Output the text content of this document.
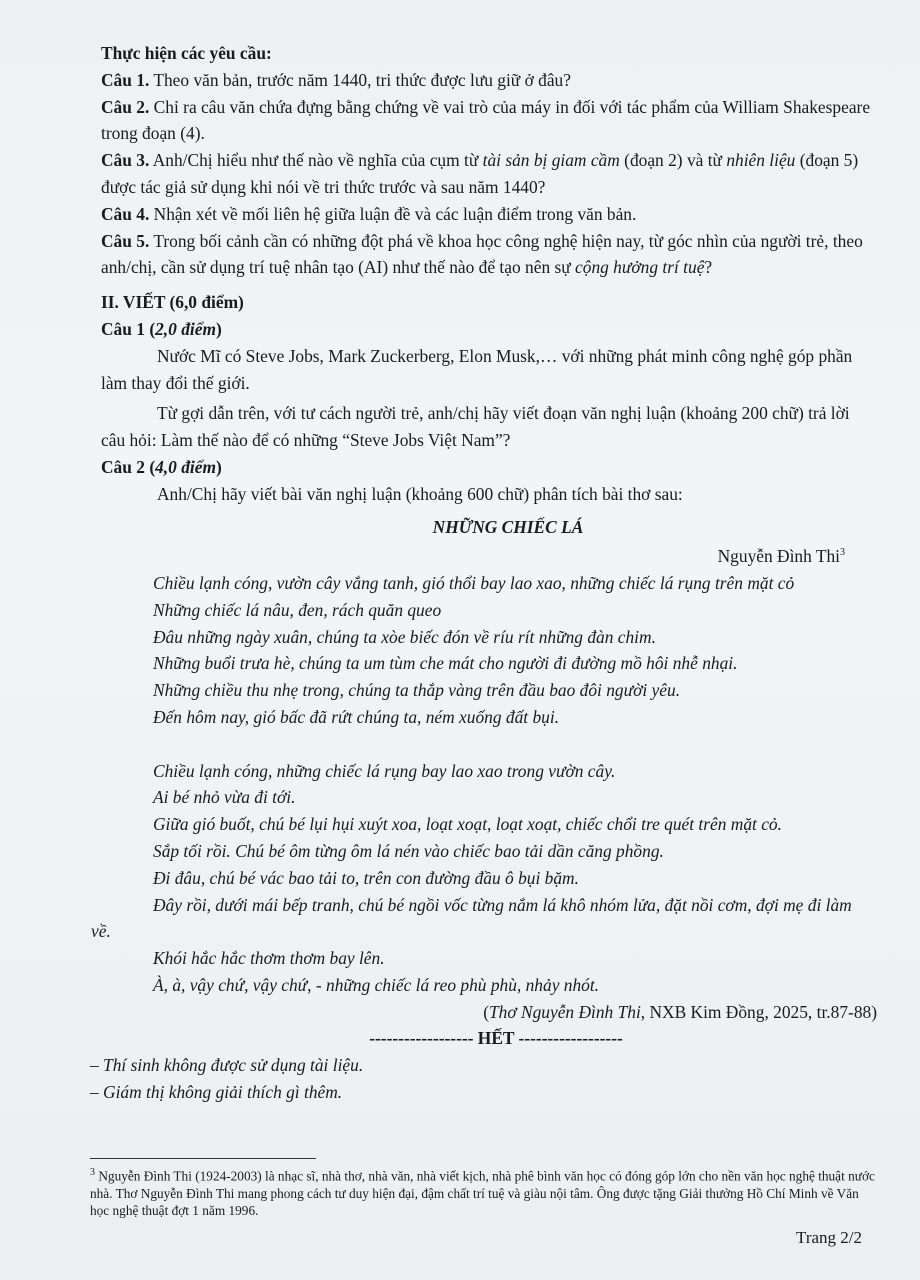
Thực hiện các yêu cầu:

Câu 1. Theo văn bản, trước năm 1440, tri thức được lưu giữ ở đâu?

Câu 2. Chỉ ra câu văn chứa đựng bằng chứng về vai trò của máy in đối với tác phẩm của William Shakespeare trong đoạn (4).

Câu 3. Anh/Chị hiểu như thế nào về nghĩa của cụm từ tài sản bị giam cầm (đoạn 2) và từ nhiên liệu (đoạn 5) được tác giả sử dụng khi nói về tri thức trước và sau năm 1440?

Câu 4. Nhận xét về mối liên hệ giữa luận đề và các luận điểm trong văn bản.

Câu 5. Trong bối cảnh cần có những đột phá về khoa học công nghệ hiện nay, từ góc nhìn của người trẻ, theo anh/chị, cần sử dụng trí tuệ nhân tạo (AI) như thế nào để tạo nên sự cộng hưởng trí tuệ?

II. VIẾT (6,0 điểm)

Câu 1 (2,0 điểm)

Nước Mĩ có Steve Jobs, Mark Zuckerberg, Elon Musk,… với những phát minh công nghệ góp phần làm thay đổi thế giới.

Từ gợi dẫn trên, với tư cách người trẻ, anh/chị hãy viết đoạn văn nghị luận (khoảng 200 chữ) trả lời câu hỏi: Làm thế nào để có những “Steve Jobs Việt Nam”?

Câu 2 (4,0 điểm)

Anh/Chị hãy viết bài văn nghị luận (khoảng 600 chữ) phân tích bài thơ sau:

NHỮNG CHIẾC LÁ

Nguyễn Đình Thi$^3$

Chiều lạnh cóng, vườn cây vắng tanh, gió thổi bay lao xao, những chiếc lá rụng trên mặt cỏ

Những chiếc lá nâu, đen, rách quăn queo

Đâu những ngày xuân, chúng ta xòe biếc đón về ríu rít những đàn chim.

Những buổi trưa hè, chúng ta um tùm che mát cho người đi đường mồ hôi nhễ nhại.

Những chiều thu nhẹ trong, chúng ta thắp vàng trên đầu bao đôi người yêu.

Đến hôm nay, gió bấc đã rứt chúng ta, ném xuống đất bụi.

Chiều lạnh cóng, những chiếc lá rụng bay lao xao trong vườn cây.

Ai bé nhỏ vừa đi tới.

Giữa gió buốt, chú bé lụi hụi xuýt xoa, loạt xoạt, loạt xoạt, chiếc chổi tre quét trên mặt cỏ.

Sắp tối rồi. Chú bé ôm từng ôm lá nén vào chiếc bao tải dần căng phồng.

Đi đâu, chú bé vác bao tải to, trên con đường đầu ô bụi bặm.

Đây rồi, dưới mái bếp tranh, chú bé ngồi vốc từng nắm lá khô nhóm lửa, đặt nồi cơm, đợi mẹ đi làm về.

Khói hắc hắc thơm thơm bay lên.

À, à, vậy chứ, vậy chứ, - những chiếc lá reo phù phù, nhảy nhót.

(Thơ Nguyễn Đình Thi, NXB Kim Đồng, 2025, tr.87-88)

------------------ HẾT ------------------

– Thí sinh không được sử dụng tài liệu.

– Giám thị không giải thích gì thêm.

$^3$ Nguyễn Đình Thi (1924-2003) là nhạc sĩ, nhà thơ, nhà văn, nhà viết kịch, nhà phê bình văn học có đóng góp lớn cho nền văn học nghệ thuật nước nhà. Thơ Nguyễn Đình Thi mang phong cách tư duy hiện đại, đậm chất trí tuệ và giàu nội tâm. Ông được tặng Giải thưởng Hồ Chí Minh về Văn học nghệ thuật đợt 1 năm 1996.
Trang 2/2
